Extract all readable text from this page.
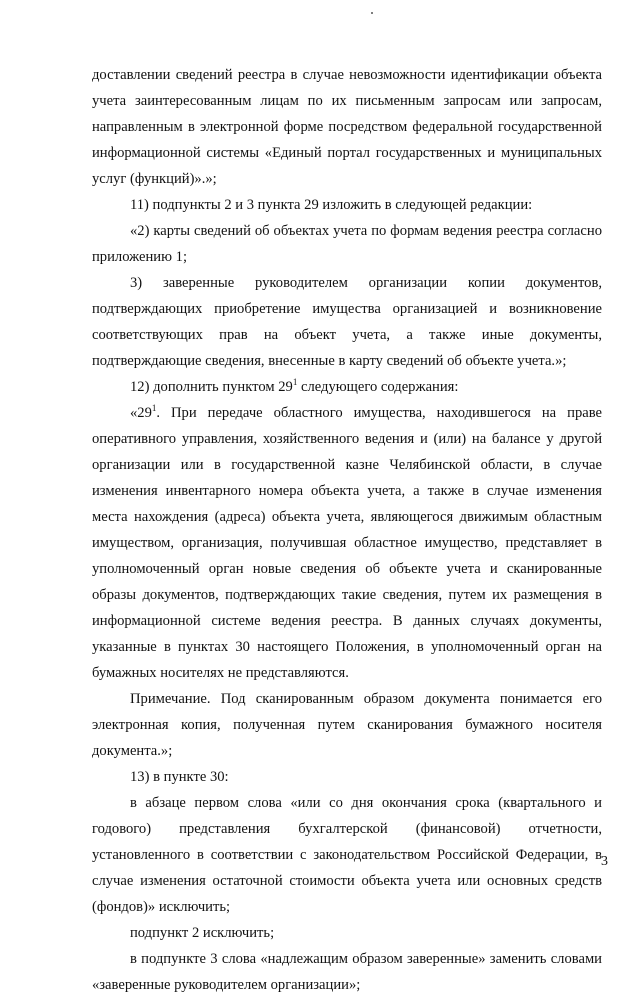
доставлении сведений реестра в случае невозможности идентификации объекта учета заинтересованным лицам по их письменным запросам или запросам, направленным в электронной форме посредством федеральной государственной информационной системы «Единый портал государственных и муниципальных услуг (функций)».»;

11) подпункты 2 и 3 пункта 29 изложить в следующей редакции:

«2) карты сведений об объектах учета по формам ведения реестра согласно приложению 1;

3) заверенные руководителем организации копии документов, подтверждающих приобретение имущества организацией и возникновение соответствующих прав на объект учета, а также иные документы, подтверждающие сведения, внесенные в карту сведений об объекте учета.»;

12) дополнить пунктом $29^1$ следующего содержания:

«$29^1$. При передаче областного имущества, находившегося на праве оперативного управления, хозяйственного ведения и (или) на балансе у другой организации или в государственной казне Челябинской области, в случае изменения инвентарного номера объекта учета, а также в случае изменения места нахождения (адреса) объекта учета, являющегося движимым областным имуществом, организация, получившая областное имущество, представляет в уполномоченный орган новые сведения об объекте учета и сканированные образы документов, подтверждающих такие сведения, путем их размещения в информационной системе ведения реестра. В данных случаях документы, указанные в пунктах 30 настоящего Положения, в уполномоченный орган на бумажных носителях не представляются.

Примечание. Под сканированным образом документа понимается его электронная копия, полученная путем сканирования бумажного носителя документа.»;

13) в пункте 30:

в абзаце первом слова «или со дня окончания срока (квартального и годового) представления бухгалтерской (финансовой) отчетности, установленного в соответствии с законодательством Российской Федерации, в случае изменения остаточной стоимости объекта учета или основных средств (фондов)» исключить;

подпункт 2 исключить;

в подпункте 3 слова «надлежащим образом заверенные» заменить словами «заверенные руководителем организации»;

3
